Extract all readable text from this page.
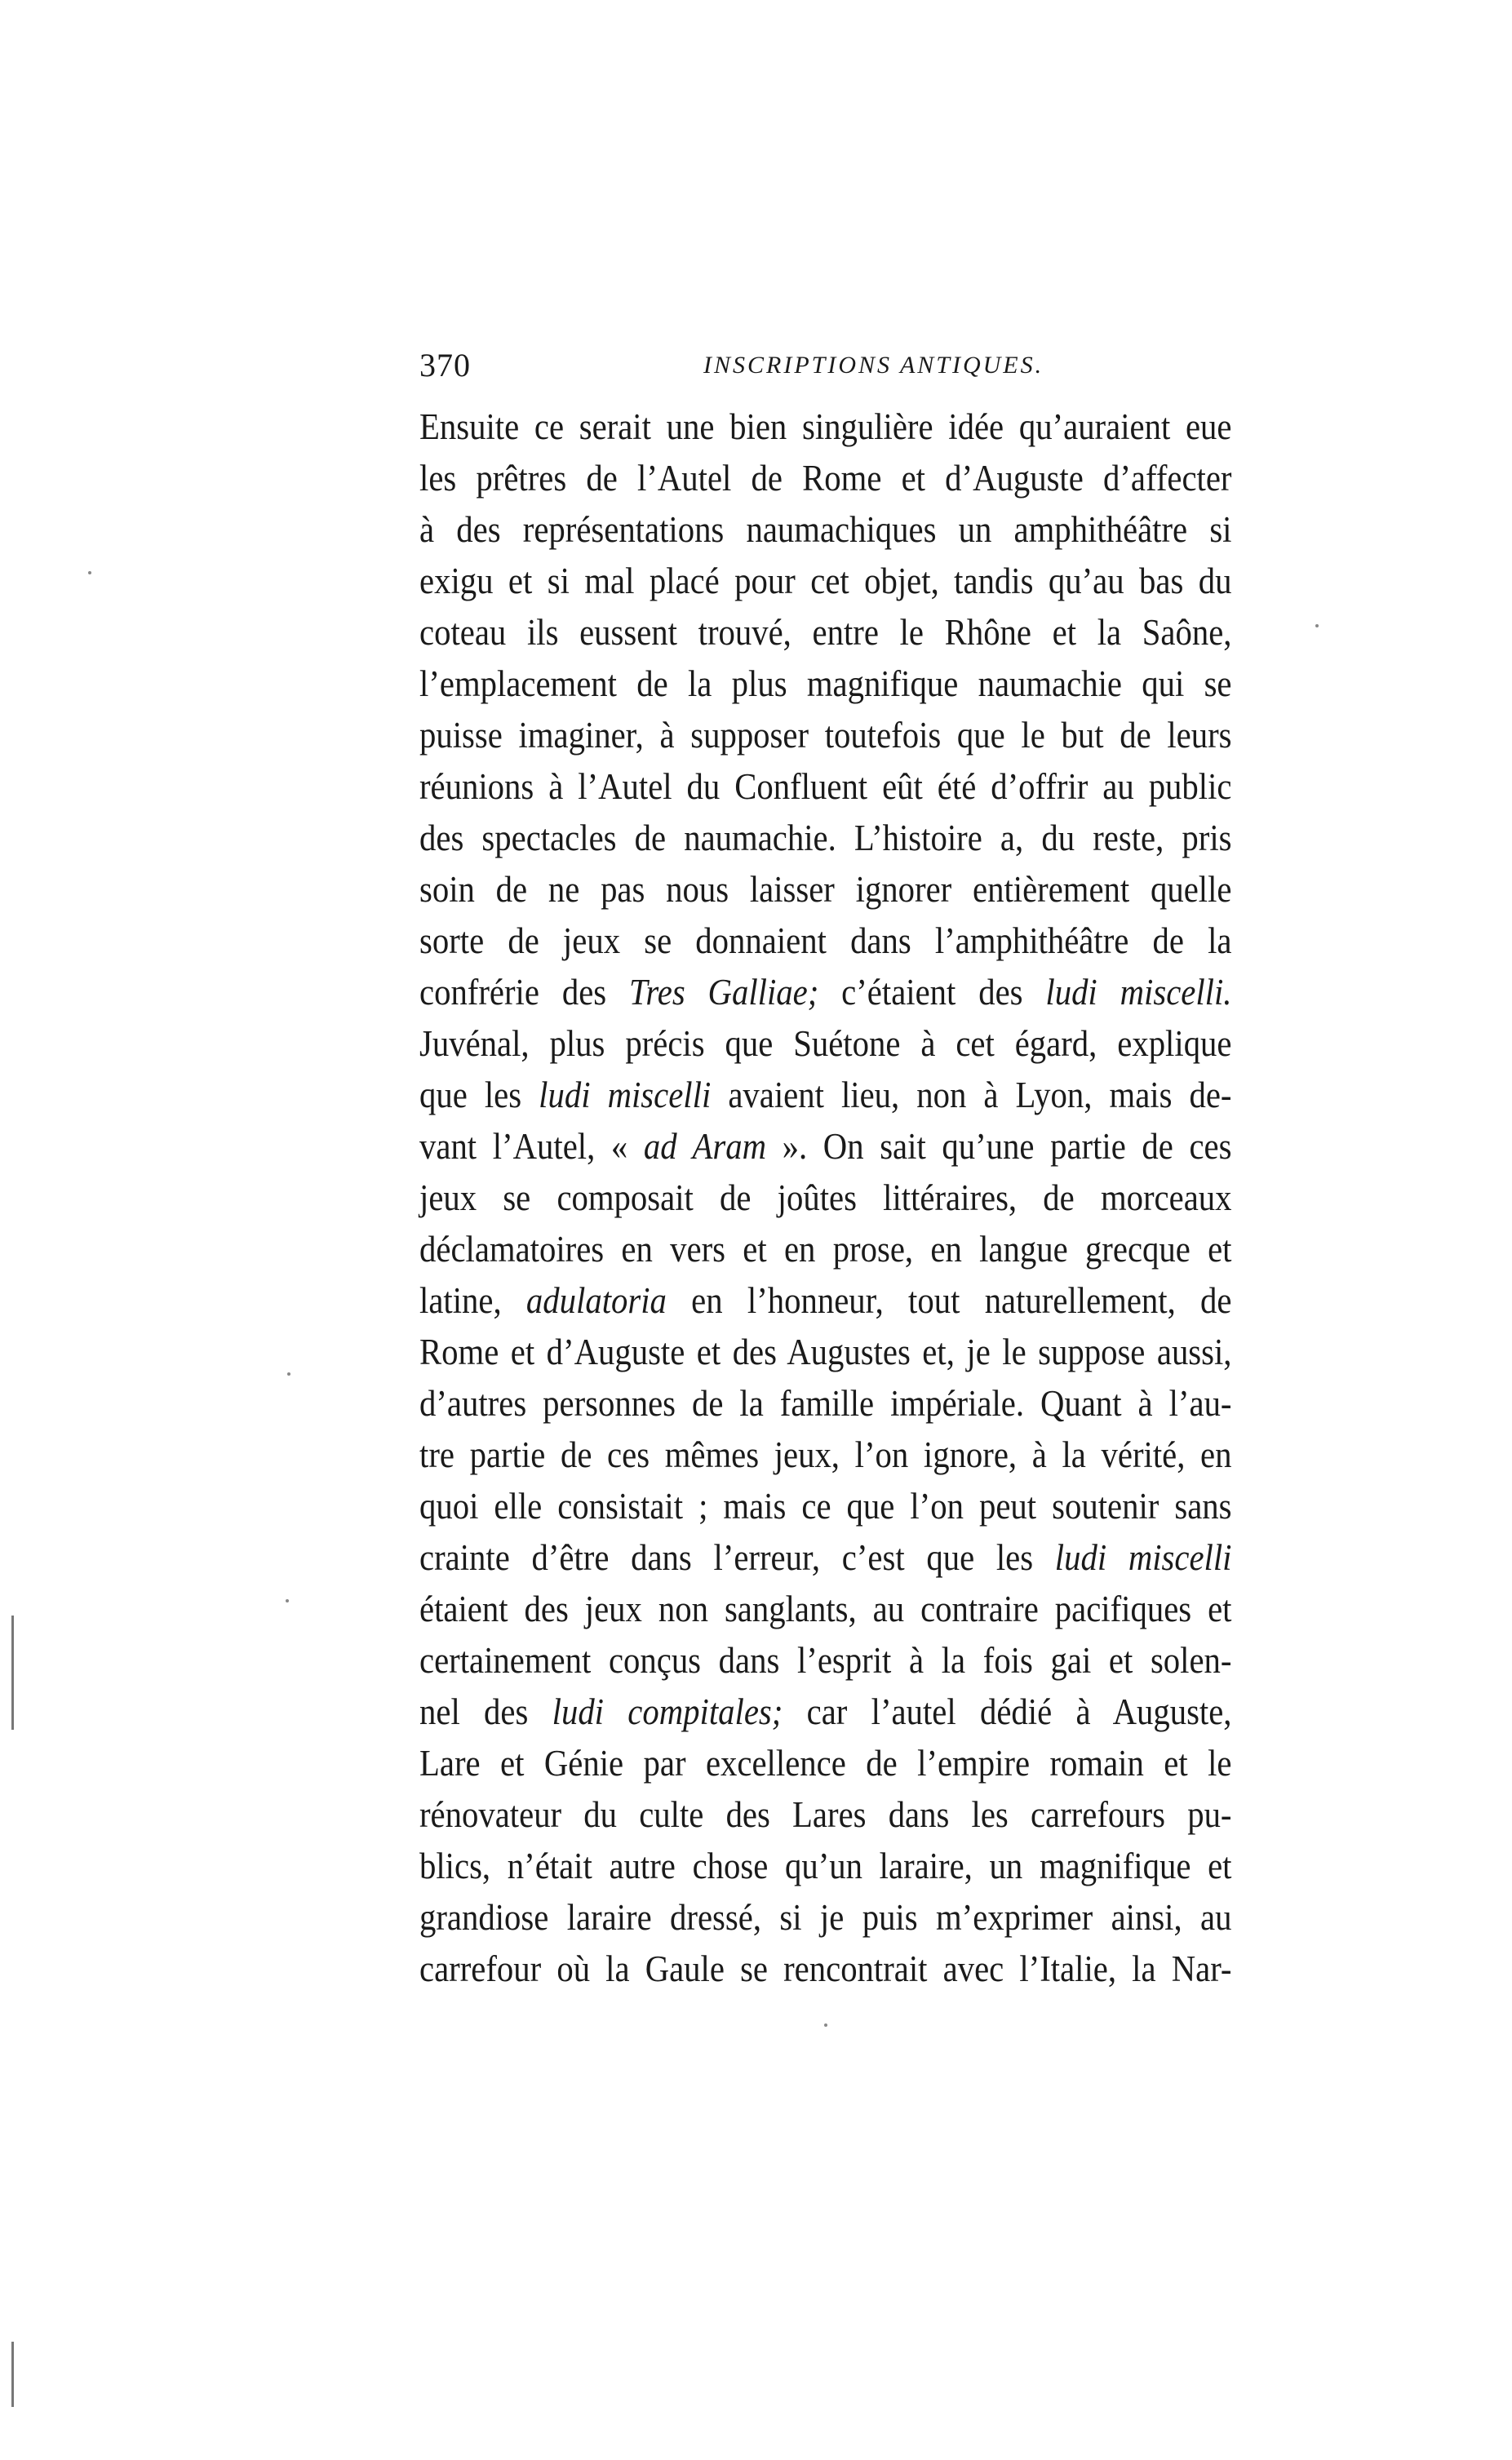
370	INSCRIPTIONS ANTIQUES.
Ensuite ce serait une bien singulière idée qu’auraient eue
les prêtres de l’Autel de Rome et d’Auguste d’affecter
à des représentations naumachiques un amphithéâtre si
exigu et si mal placé pour cet objet, tandis qu’au bas du
coteau ils eussent trouvé, entre le Rhône et la Saône,
l’emplacement de la plus magnifique naumachie qui se
puisse imaginer, à supposer toutefois que le but de leurs
réunions à l’Autel du Confluent eût été d’offrir au public
des spectacles de naumachie. L’histoire a, du reste, pris
soin de ne pas nous laisser ignorer entièrement quelle
sorte de jeux se donnaient dans l’amphithéâtre de la
confrérie des Tres Galliae; c’étaient des ludi miscelli.
Juvénal, plus précis que Suétone à cet égard, explique
que les ludi miscelli avaient lieu, non à Lyon, mais de-
vant l’Autel, « ad Aram ». On sait qu’une partie de ces
jeux se composait de joûtes littéraires, de morceaux
déclamatoires en vers et en prose, en langue grecque et
latine, adulatoria en l’honneur, tout naturellement, de
Rome et d’Auguste et des Augustes et, je le suppose aussi,
d’autres personnes de la famille impériale. Quant à l’au-
tre partie de ces mêmes jeux, l’on ignore, à la vérité, en
quoi elle consistait ; mais ce que l’on peut soutenir sans
crainte d’être dans l’erreur, c’est que les ludi miscelli
étaient des jeux non sanglants, au contraire pacifiques et
certainement conçus dans l’esprit à la fois gai et solen-
nel des ludi compitales; car l’autel dédié à Auguste,
Lare et Génie par excellence de l’empire romain et le
rénovateur du culte des Lares dans les carrefours pu-
blics, n’était autre chose qu’un laraire, un magnifique et
grandiose laraire dressé, si je puis m’exprimer ainsi, au
carrefour où la Gaule se rencontrait avec l’Italie, la Nar-
